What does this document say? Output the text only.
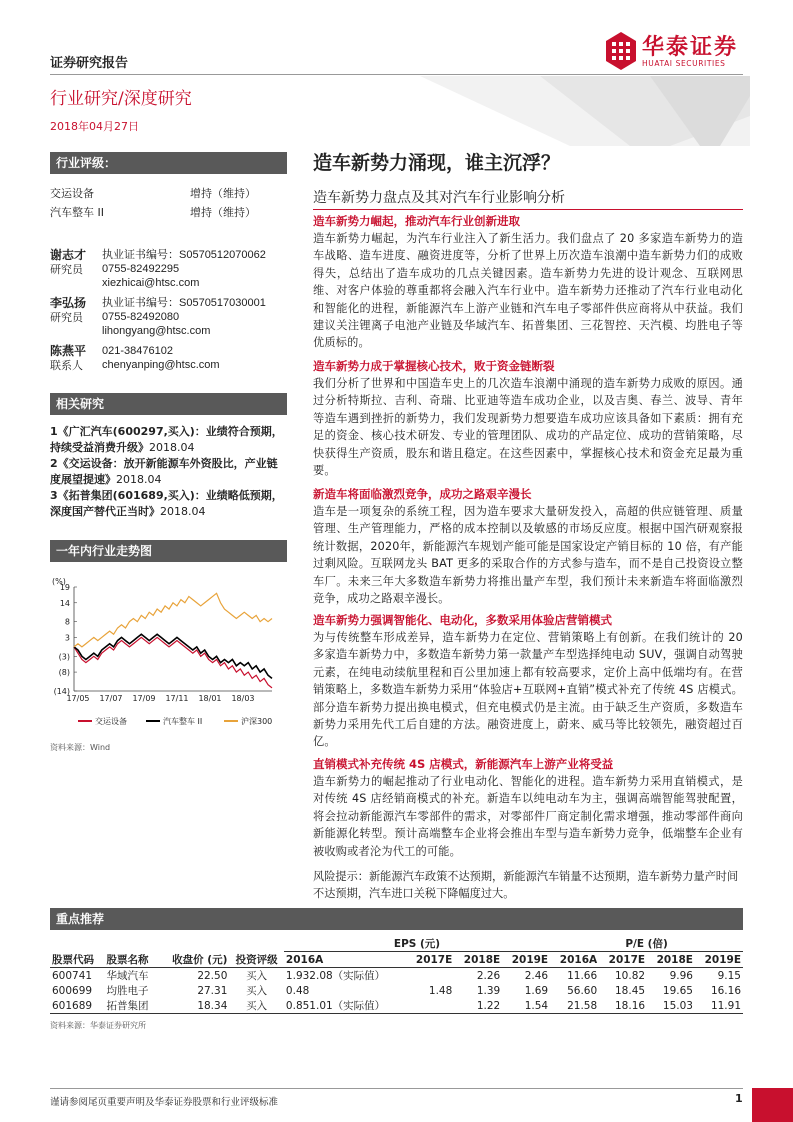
证券研究报告
华泰证券
HUATAI SECURITIES
行业研究/深度研究
2018年04月27日
行业评级：
交运设备	增持（维持）
汽车整车 II	增持（维持）
谢志才
研究员
执业证书编号：S0570512070062
0755-82492295
xiezhicai@htsc.com
李弘扬
研究员
执业证书编号：S0570517030001
0755-82492080
lihongyang@htsc.com
陈燕平
联系人
021-38476102
chenyanping@htsc.com
相关研究
1《广汇汽车(600297,买入)：业绩符合预期，持续受益消费升级》2018.04
2《交运设备：放开新能源车外资股比，产业链度展望提速》2018.04
3《拓普集团(601689,买入)：业绩略低预期，深度国产替代正当时》2018.04
一年内行业走势图
(%)
19
14
8
3
(3)
(8)
(14)
17/05 17/07 17/09 17/11 18/01 18/03
交运设备	汽车整车 II	沪深300
资料来源：Wind
造车新势力涌现，谁主沉浮？
造车新势力盘点及其对汽车行业影响分析
造车新势力崛起，推动汽车行业创新进取
造车新势力崛起，为汽车行业注入了新生活力。我们盘点了 20 多家造车新势力的造车战略、造车进度、融资进度等，分析了世界上历次造车浪潮中造车新势力们的成败得失，总结出了造车成功的几点关键因素。造车新势力先进的设计观念、互联网思维、对客户体验的尊重都将会融入汽车行业中。造车新势力还推动了汽车行业电动化和智能化的进程，新能源汽车上游产业链和汽车电子零部件供应商将从中获益。我们建议关注锂离子电池产业链及华域汽车、拓普集团、三花智控、天汽模、均胜电子等优质标的。
造车新势力成于掌握核心技术，败于资金链断裂
我们分析了世界和中国造车史上的几次造车浪潮中涌现的造车新势力成败的原因。通过分析特斯拉、吉利、奇瑞、比亚迪等造车成功企业，以及吉奥、春兰、波导、青年等造车遇到挫折的新势力，我们发现新势力想要造车成功应该具备如下素质：拥有充足的资金、核心技术研发、专业的管理团队、成功的产品定位、成功的营销策略，尽快获得生产资质，股东和谐且稳定。在这些因素中，掌握核心技术和资金充足最为重要。
新造车将面临激烈竞争，成功之路艰辛漫长
造车是一项复杂的系统工程，因为造车要求大量研发投入，高超的供应链管理、质量管理、生产管理能力，严格的成本控制以及敏感的市场反应度。根据中国汽研观察报统计数据，2020年，新能源汽车规划产能可能是国家设定产销目标的 10 倍，有产能过剩风险。互联网龙头 BAT 更多的采取合作的方式参与造车，而不是自己投资设立整车厂。未来三年大多数造车新势力将推出量产车型，我们预计未来新造车将面临激烈竞争，成功之路艰辛漫长。
造车新势力强调智能化、电动化，多数采用体验店营销模式
为与传统整车形成差异，造车新势力在定位、营销策略上有创新。在我们统计的 20 多家造车新势力中，多数造车新势力第一款量产车型选择纯电动 SUV，强调自动驾驶元素，在纯电动续航里程和百公里加速上都有较高要求，定价上高中低端均有。在营销策略上，多数造车新势力采用“体验店+互联网+直销”模式补充了传统 4S 店模式。部分造车新势力提出换电模式，但充电模式仍是主流。由于缺乏生产资质，多数造车新势力采用先代工后自建的方法。融资进度上，蔚来、威马等比较领先，融资超过百亿。
直销模式补充传统 4S 店模式，新能源汽车上游产业将受益
造车新势力的崛起推动了行业电动化、智能化的进程。造车新势力采用直销模式，是对传统 4S 店经销商模式的补充。新造车以纯电动车为主，强调高端智能驾驶配置，将会拉动新能源汽车零部件的需求，对零部件厂商定制化需求增强，推动零部件商向新能源化转型。预计高端整车企业将会推出车型与造车新势力竞争，低端整车企业有被收购或者沦为代工的可能。
风险提示：新能源汽车政策不达预期，新能源汽车销量不达预期，造车新势力量产时间不达预期，汽车进口关税下降幅度过大。
重点推荐
				EPS (元)				P/E (倍)			
股票代码	股票名称	收盘价 (元)	投资评级	2016A	2017E	2018E	2019E	2016A	2017E	2018E	2019E
600741	华域汽车	22.50	买入	1.932.08（实际值）		2.26	2.46	11.66	10.82	9.96	9.15
600699	均胜电子	27.31	买入	0.48	1.48	1.39	1.69	56.60	18.45	19.65	16.16
601689	拓普集团	18.34	买入	0.851.01（实际值）		1.22	1.54	21.58	18.16	15.03	11.91
资料来源：华泰证券研究所
谨请参阅尾页重要声明及华泰证券股票和行业评级标准	1
